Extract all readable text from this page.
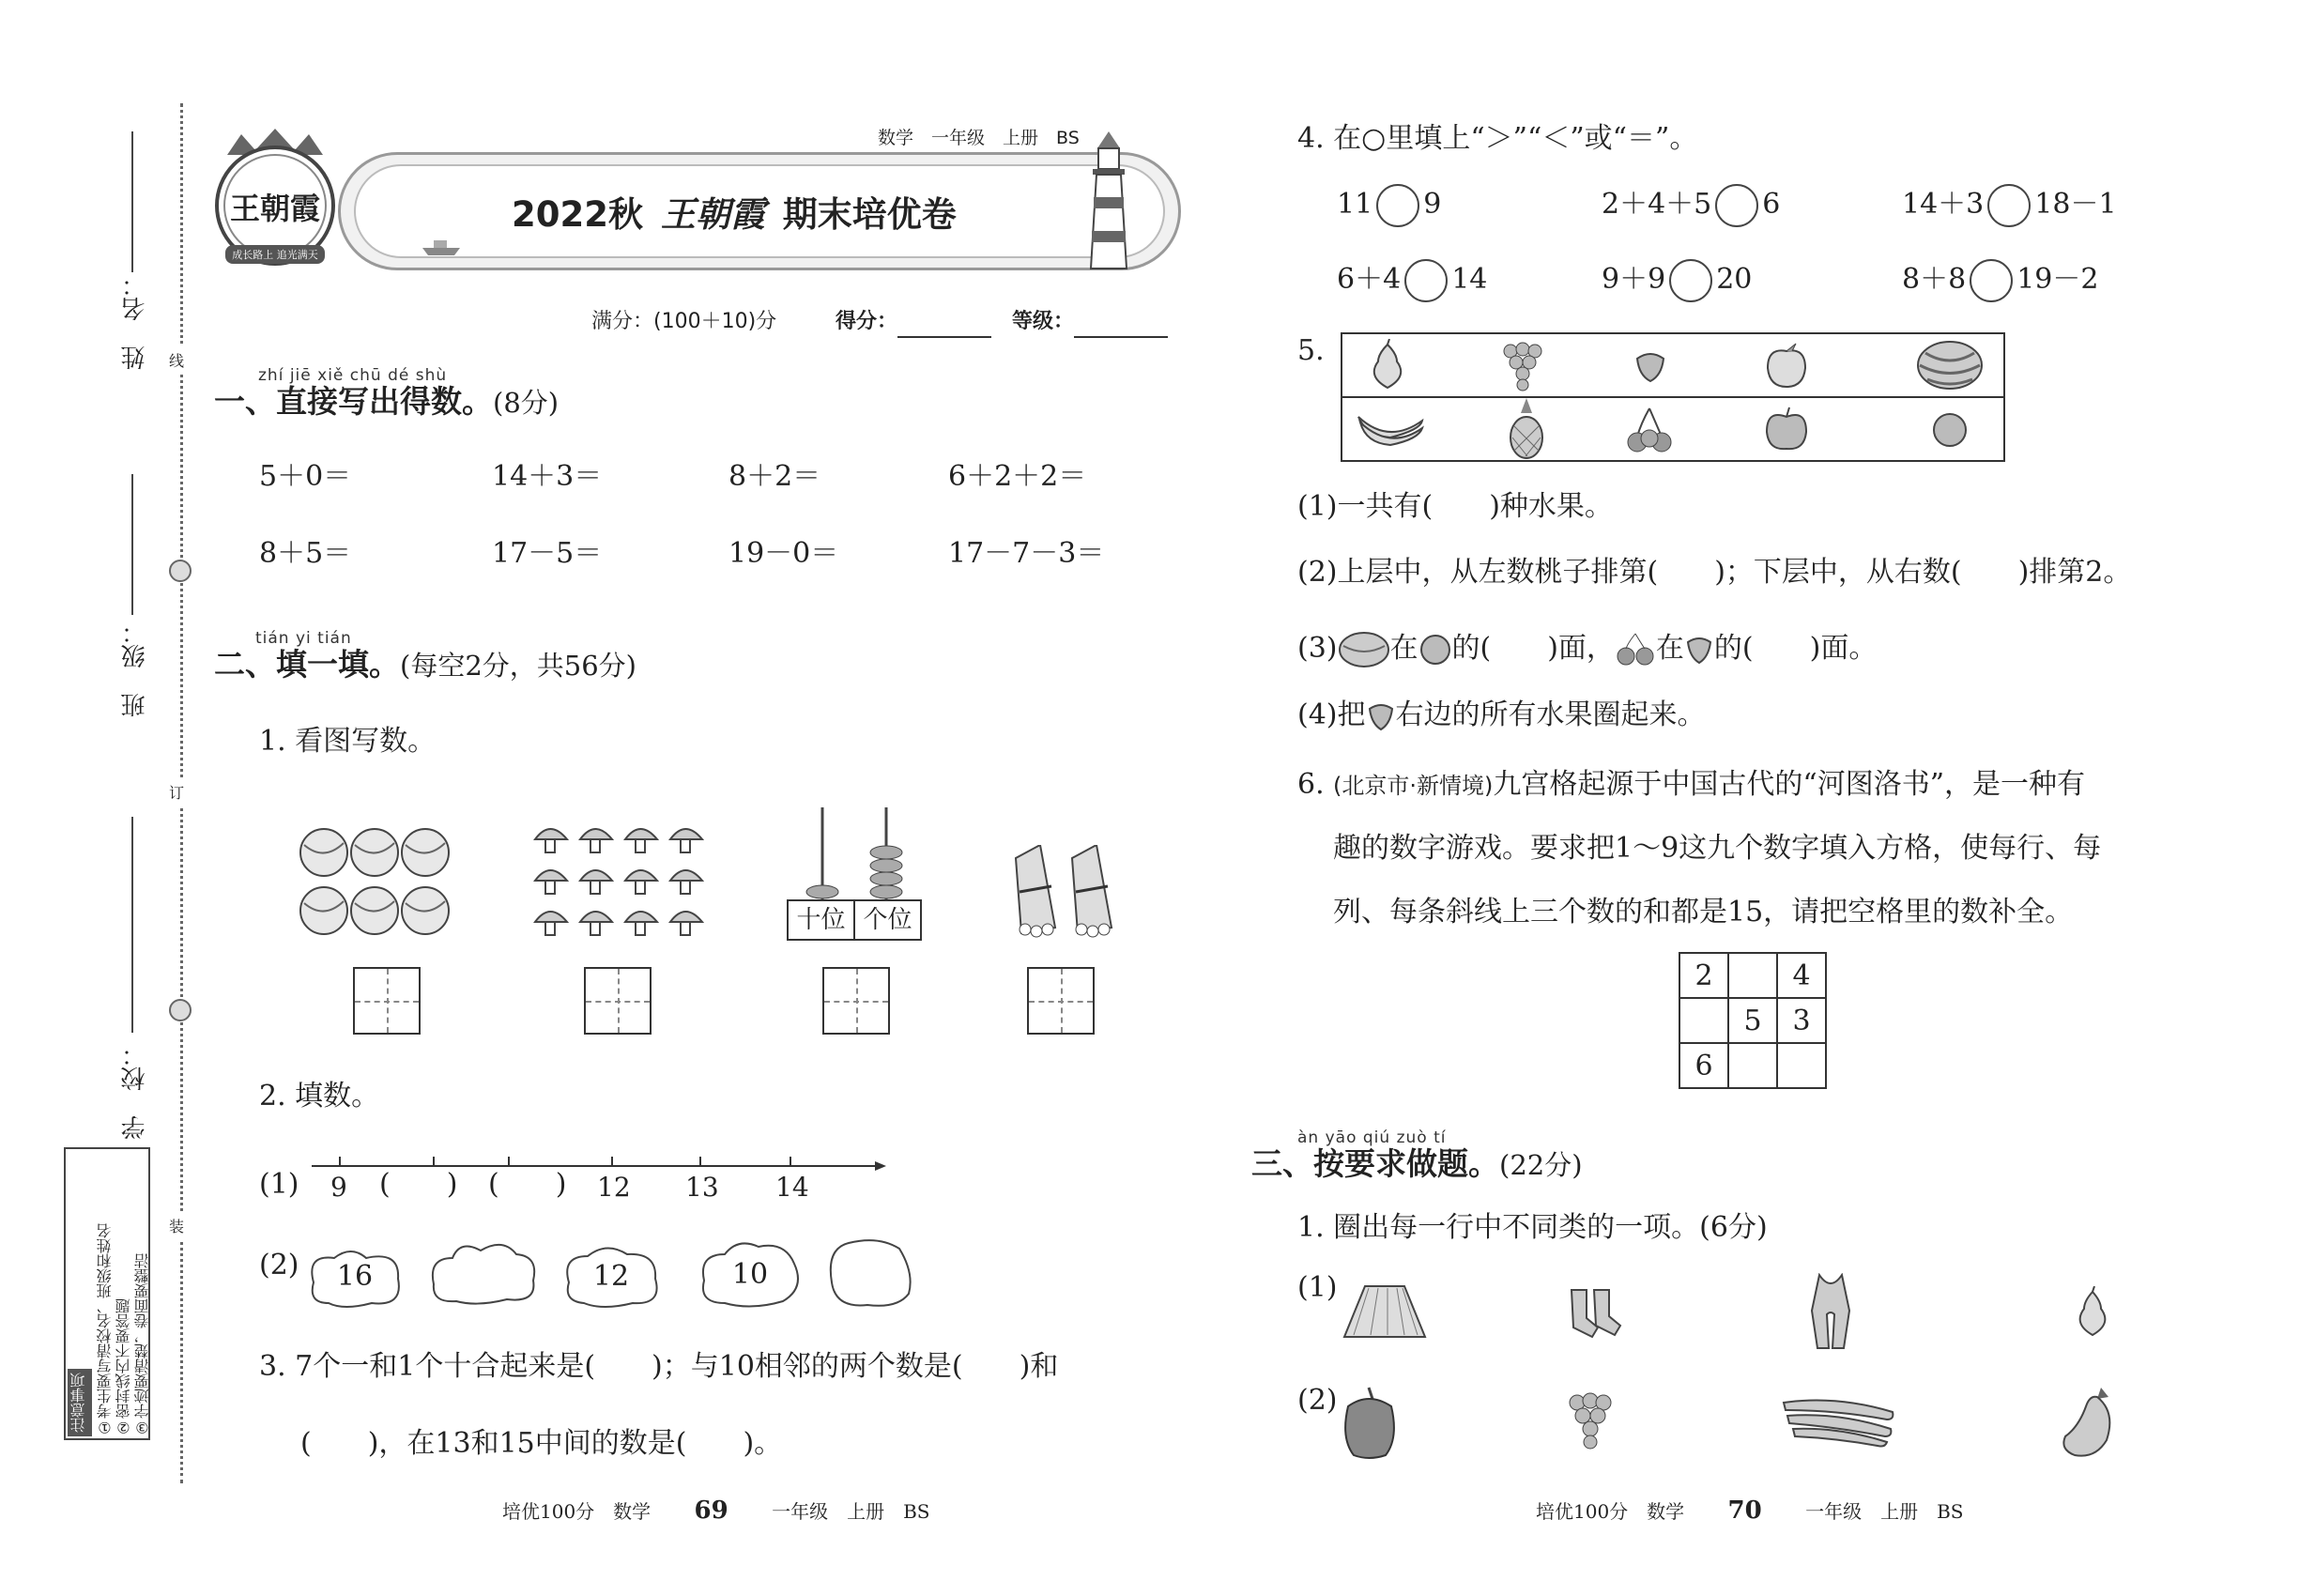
姓　名：
班　级：
学　校：
线
订
装
注意事项 ①考生要写清校名、班级和姓名 ②密封线内不要答题 ③字迹要清楚，卷面要整洁
王朝霞
成长路上 追光满天
数学　一年级　上册　BS
2022秋 王朝霞 期末培优卷
满分：(100＋10)分	得分：	等级：
zhí jiē xiě chū dé shù
一、直接写出得数。(8分)
5＋0＝	14＋3＝	8＋2＝	6＋2＋2＝
8＋5＝	17－5＝	19－0＝	17－7－3＝
tián yi tián
二、填一填。(每空2分，共56分)
1. 看图写数。
十位 个位
2. 填数。
(1) 9 (　　) (　　) 12 13 14
(2)	16	12	10
3. 7个一和1个十合起来是(　　)；与10相邻的两个数是(　　)和
(　　)，在13和15中间的数是(　　)。
培优100分　数学 69 一年级　上册　BS
4. 在○里填上“＞”“＜”或“＝”。
11 9	2＋4＋5 6	14＋3 18－1
6＋4 14	9＋9 20	8＋8 19－2
5.
(1)一共有(　　)种水果。
(2)上层中，从左数桃子排第(　　)；下层中，从右数(　　)排第2。
(3) 在 的(　　)面， 在 的(　　)面。
(4)把 右边的所有水果圈起来。
6. (北京市·新情境)九宫格起源于中国古代的“河图洛书”，是一种有
趣的数字游戏。要求把1～9这九个数字填入方格，使每行、每
列、每条斜线上三个数的和都是15，请把空格里的数补全。
2		4
	5	3
6		
àn yāo qiú zuò tí
三、按要求做题。(22分)
1. 圈出每一行中不同类的一项。(6分)
(1)
(2)
培优100分　数学 70 一年级　上册　BS
